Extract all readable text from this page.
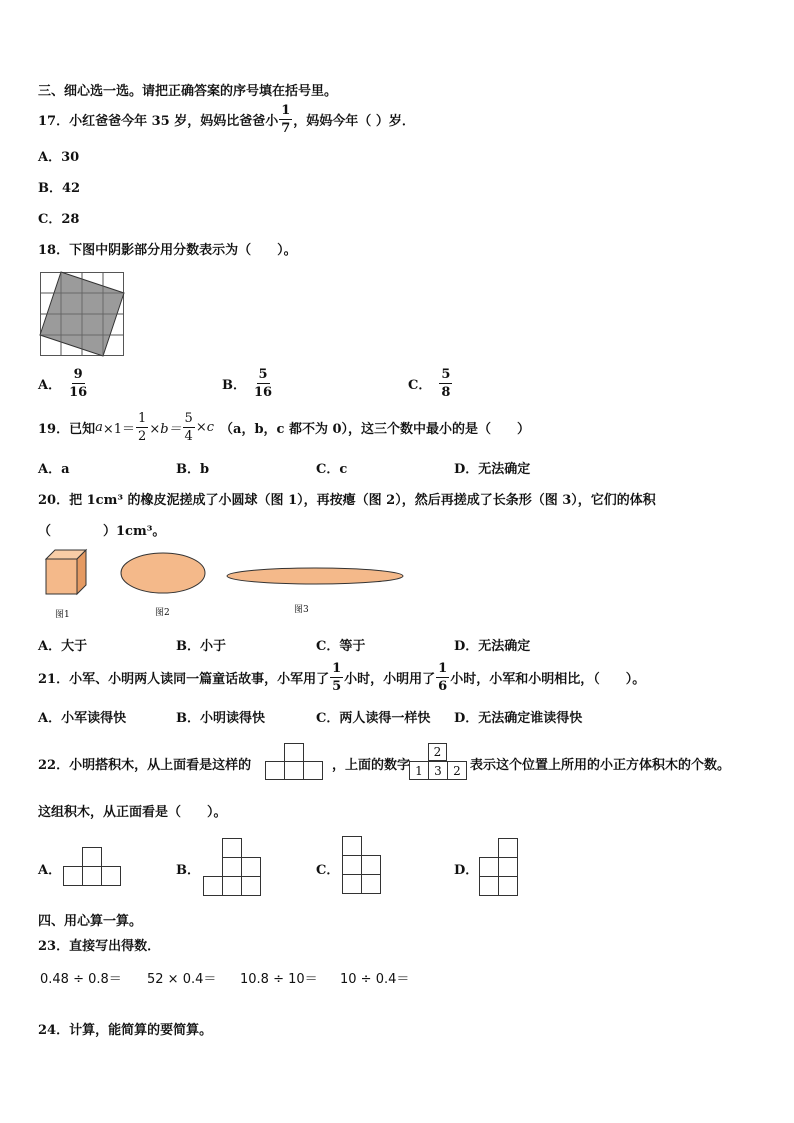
三、细心选一选。请把正确答案的序号填在括号里。
17． 小红爸爸今年 35 岁，妈妈比爸爸小 $\frac{1}{7}$ ，妈妈今年（ ）岁．
A．30
B．42
C．28
18．下图中阴影部分用分数表示为（　　）。
A． $\frac{9}{16}$	B． $\frac{5}{16}$	C． $\frac{5}{8}$
19． 已知 $a \times 1= \frac{1}{2} \times b= \frac{5}{4} \times c$ （a，b，c 都不为 0），这三个数中最小的是（　　）
A．a	B．b	C．c	D．无法确定
20．把 1cm³ 的橡皮泥搓成了小圆球（图 1），再按瘪（图 2），然后再搓成了长条形（图 3），它们的体积
（　　　　）1cm³。
图1	图2	图3
A．大于	B．小于	C．等于	D．无法确定
21． 小军、小明两人读同一篇童话故事，小军用了 $\frac{1}{5}$ 小时，小明用了 $\frac{1}{6}$ 小时，小军和小明相比，（　　）。
A．小军读得快	B．小明读得快	C．两人读得一样快 D．无法确定谁读得快
22．小明搭积木，从上面看是这样的	，上面的数字
2
1 3 2 表示这个位置上所用的小正方体积木的个数。
这组积木，从正面看是（　　）。
A．	B．	C．	D．
四、用心算一算。
23．直接写出得数．
0.48 ÷ 0.8＝ 52 × 0.4＝ 10.8 ÷ 10＝ 10 ÷ 0.4＝
24．计算，能简算的要简算。
